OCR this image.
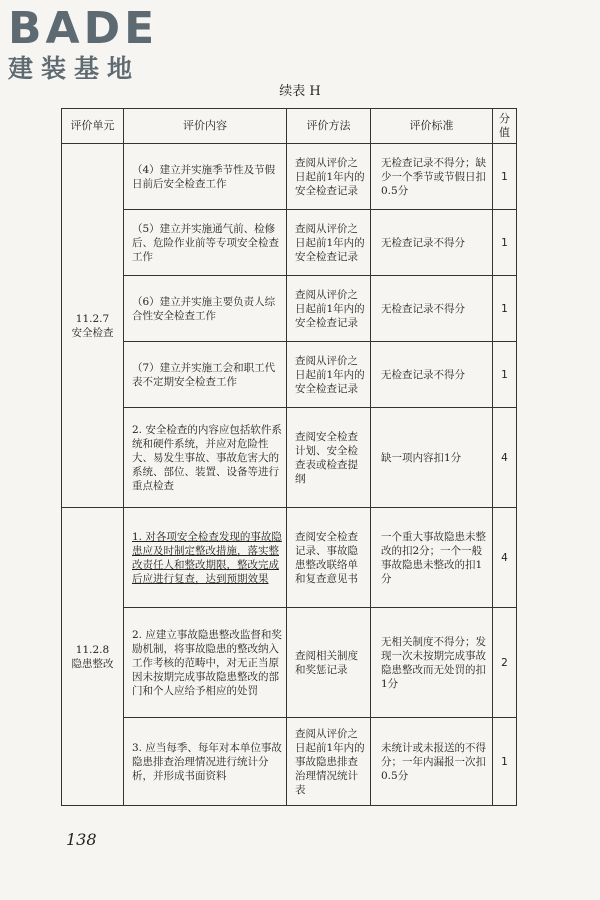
BADE
建装基地
续表 H
评价单元	评价内容	评价方法	评价标准	分值
11.2.7
安全检查	（4）建立并实施季节性及节假日前后安全检查工作	查阅从评价之日起前1年内的安全检查记录	无检查记录不得分；缺少一个季节或节假日扣0.5分	1
	（5）建立并实施通气前、检修后、危险作业前等专项安全检查工作	查阅从评价之日起前1年内的安全检查记录	无检查记录不得分	1
	（6）建立并实施主要负责人综合性安全检查工作	查阅从评价之日起前1年内的安全检查记录	无检查记录不得分	1
	（7）建立并实施工会和职工代表不定期安全检查工作	查阅从评价之日起前1年内的安全检查记录	无检查记录不得分	1
	2. 安全检查的内容应包括软件系统和硬件系统，并应对危险性大、易发生事故、事故危害大的系统、部位、装置、设备等进行重点检查	查阅安全检查计划、安全检查表或检查提纲	缺一项内容扣1分	4
11.2.8
隐患整改	1. 对各项安全检查发现的事故隐患应及时制定整改措施，落实整改责任人和整改期限，整改完成后应进行复查，达到预期效果	查阅安全检查记录、事故隐患整改联络单和复查意见书	一个重大事故隐患未整改的扣2分；一个一般事故隐患未整改的扣1分	4
	2. 应建立事故隐患整改监督和奖励机制，将事故隐患的整改纳入工作考核的范畴中，对无正当原因未按期完成事故隐患整改的部门和个人应给予相应的处罚	查阅相关制度和奖惩记录	无相关制度不得分；发现一次未按期完成事故隐患整改而无处罚的扣1分	2
	3. 应当每季、每年对本单位事故隐患排查治理情况进行统计分析，并形成书面资料	查阅从评价之日起前1年内的事故隐患排查治理情况统计表	未统计或未报送的不得分；一年内漏报一次扣0.5分	1
138
